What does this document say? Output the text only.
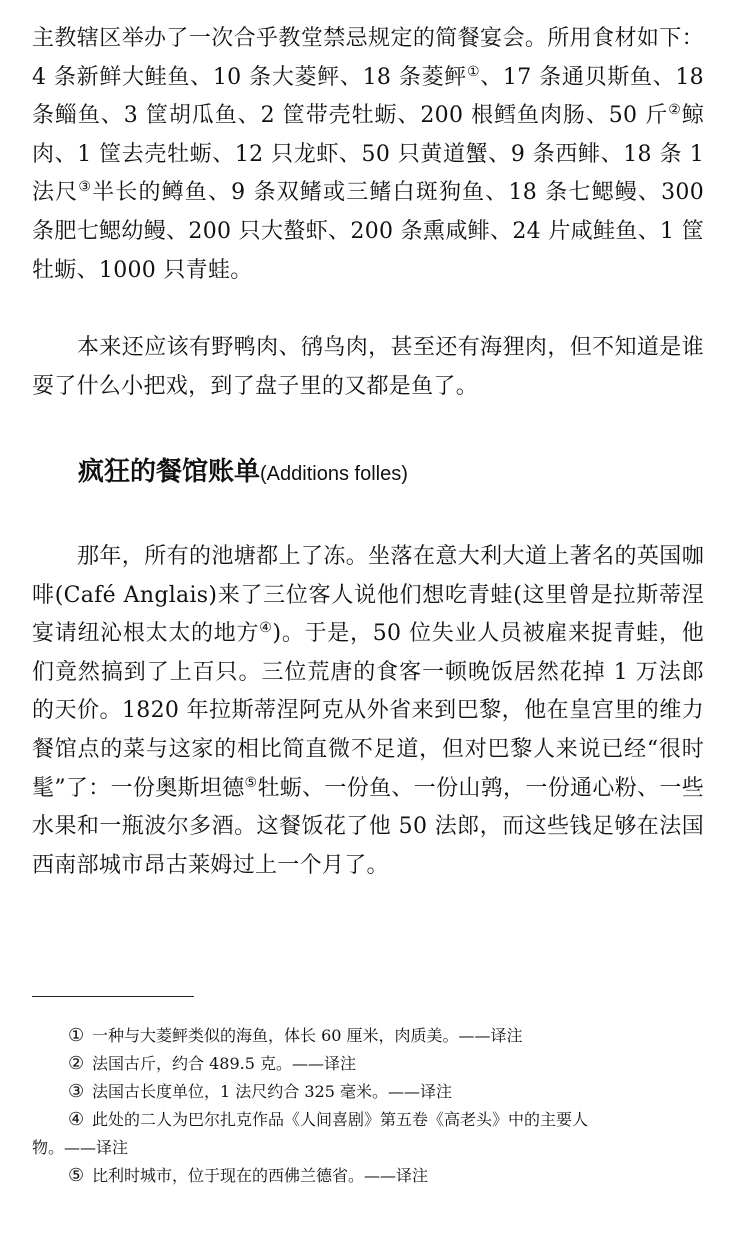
主教辖区举办了一次合乎教堂禁忌规定的简餐宴会。所用食材如下：4 条新鲜大鲑鱼、10 条大菱鲆、18 条菱鲆①、17 条通贝斯鱼、18 条鲻鱼、3 筐胡瓜鱼、2 筐带壳牡蛎、200 根鳕鱼肉肠、50 斤②鲸肉、1 筐去壳牡蛎、12 只龙虾、50 只黄道蟹、9 条西鲱、18 条 1 法尺③半长的鳟鱼、9 条双鳍或三鳍白斑狗鱼、18 条七鳃鳗、300 条肥七鳃幼鳗、200 只大螯虾、200 条熏咸鲱、24 片咸鲑鱼、1 筐牡蛎、1000 只青蛙。

本来还应该有野鸭肉、鸻鸟肉，甚至还有海狸肉，但不知道是谁耍了什么小把戏，到了盘子里的又都是鱼了。

疯狂的餐馆账单(Additions folles)

那年，所有的池塘都上了冻。坐落在意大利大道上著名的英国咖啡(Café Anglais)来了三位客人说他们想吃青蛙(这里曾是拉斯蒂涅宴请纽沁根太太的地方④)。于是，50 位失业人员被雇来捉青蛙，他们竟然搞到了上百只。三位荒唐的食客一顿晚饭居然花掉 1 万法郎的天价。1820 年拉斯蒂涅阿克从外省来到巴黎，他在皇宫里的维力餐馆点的菜与这家的相比简直微不足道，但对巴黎人来说已经“很时髦”了：一份奥斯坦德⑤牡蛎、一份鱼、一份山鹑，一份通心粉、一些水果和一瓶波尔多酒。这餐饭花了他 50 法郎，而这些钱足够在法国西南部城市昂古莱姆过上一个月了。

① 一种与大菱鲆类似的海鱼，体长 60 厘米，肉质美。——译注
② 法国古斤，约合 489.5 克。——译注
③ 法国古长度单位，1 法尺约合 325 毫米。——译注
④ 此处的二人为巴尔扎克作品《人间喜剧》第五卷《高老头》中的主要人
物。——译注
⑤ 比利时城市，位于现在的西佛兰德省。——译注
